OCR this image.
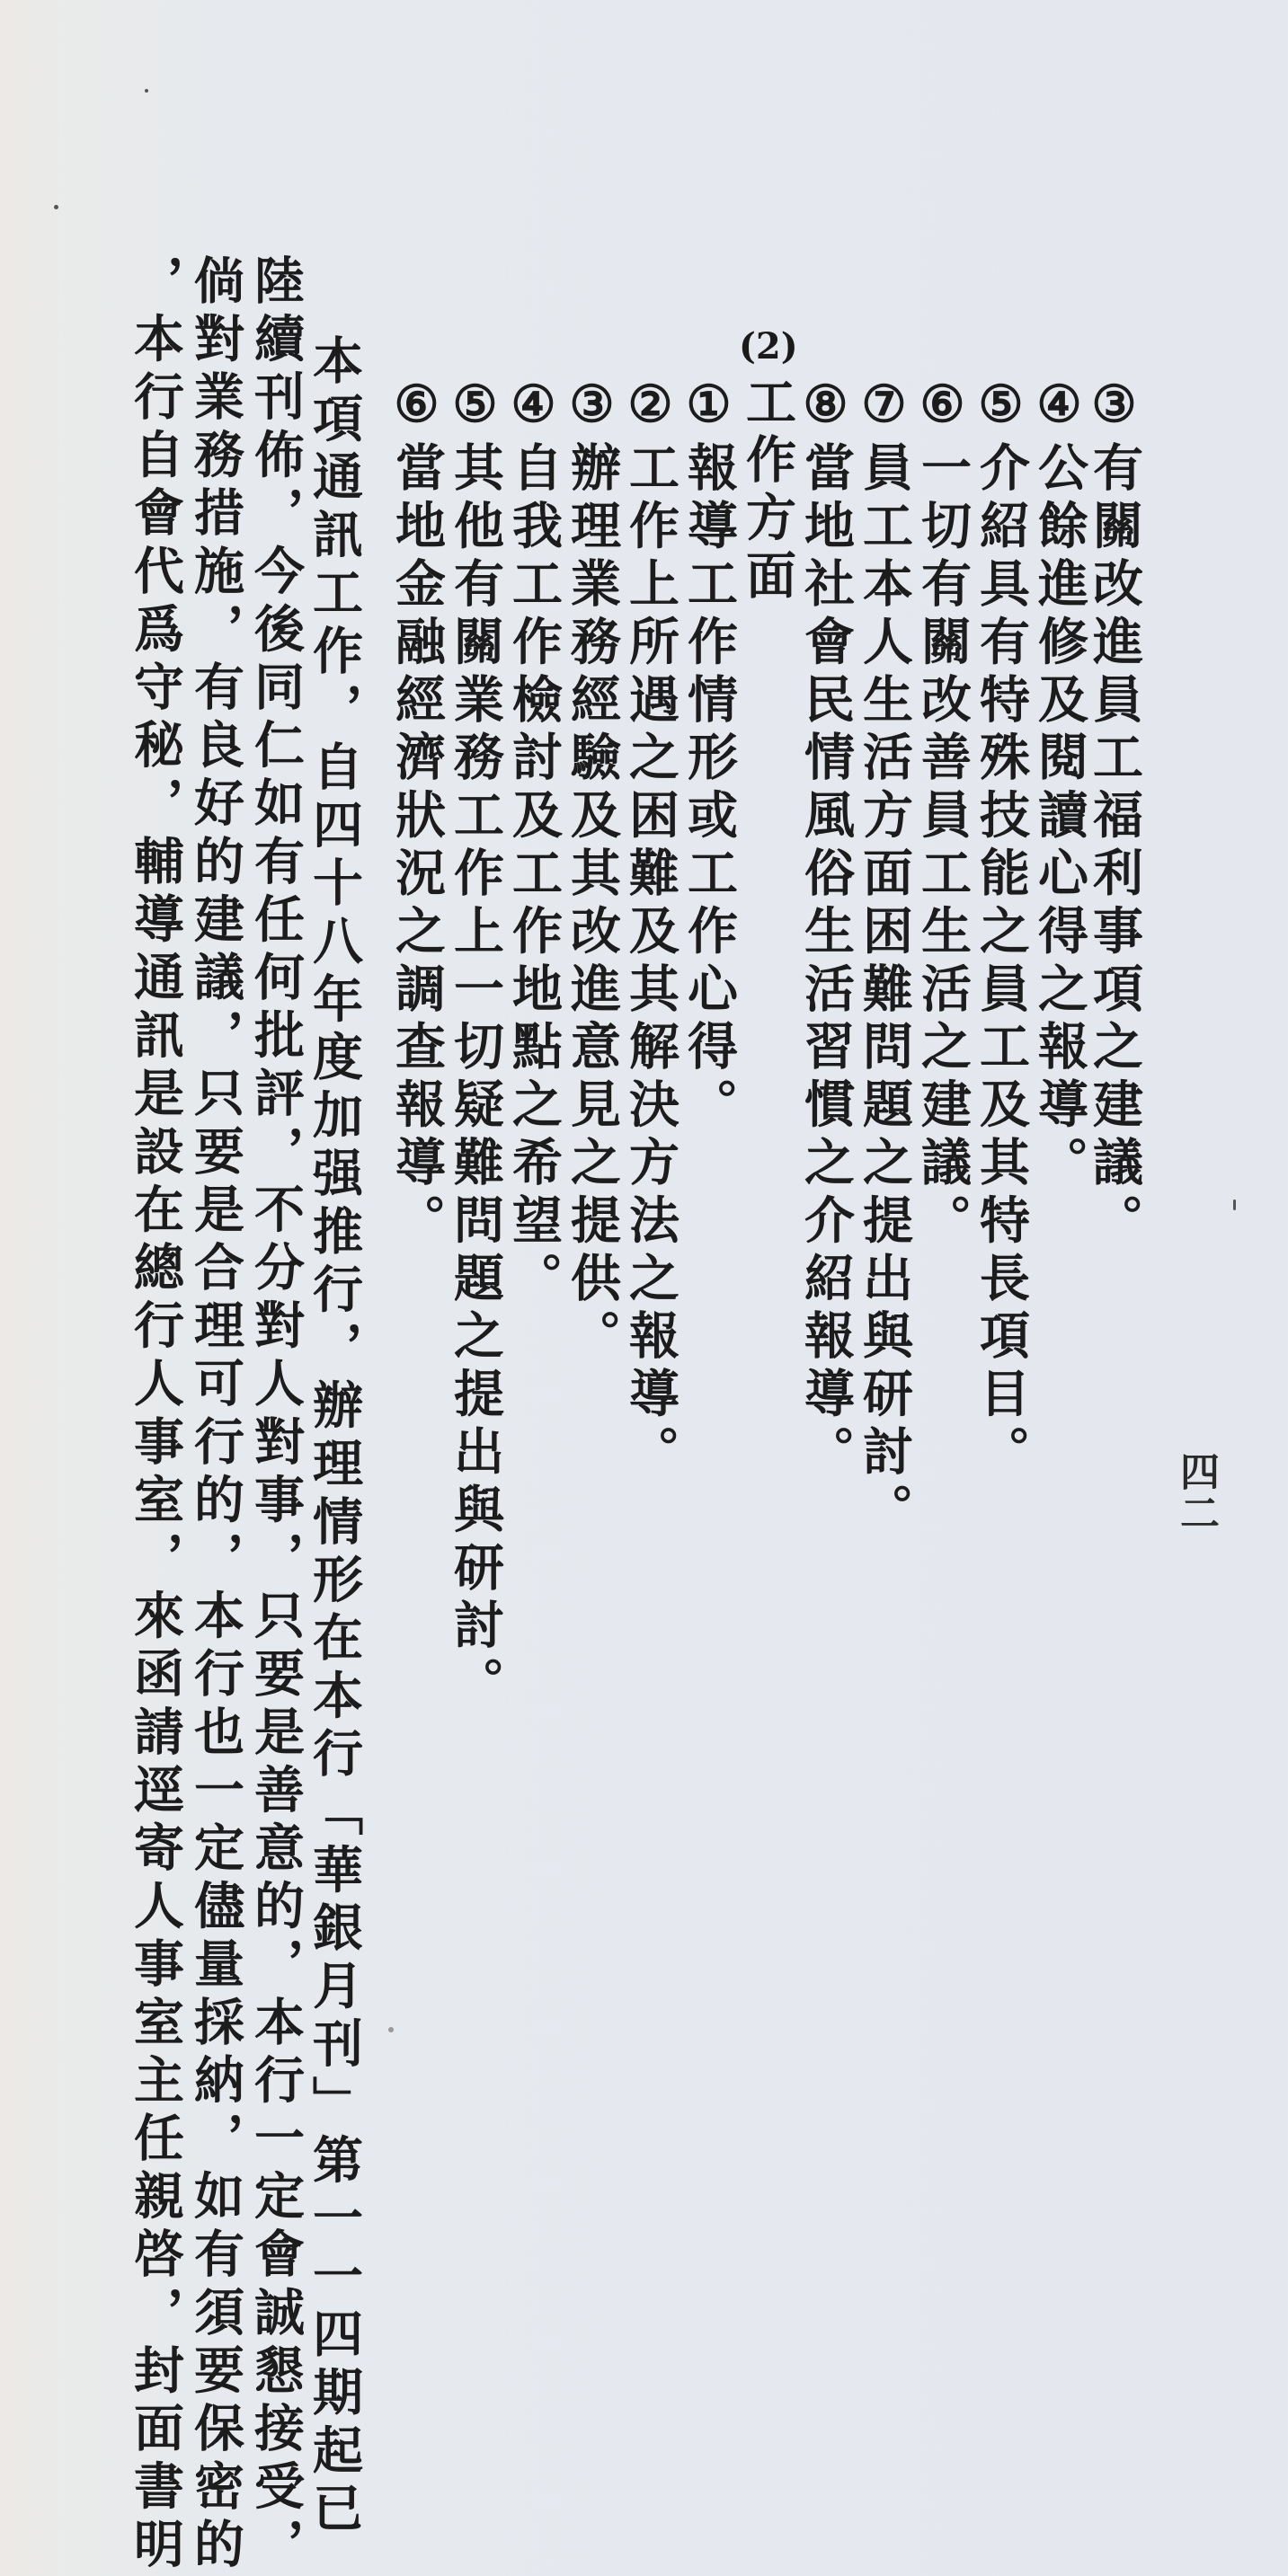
③有關改進員工福利事項之建議。
④公餘進修及閱讀心得之報導。
⑤介紹具有特殊技能之員工及其特長項目。
⑥一切有關改善員工生活之建議。
⑦員工本人生活方面困難問題之提出與研討。
⑧當地社會民情風俗生活習慣之介紹報導。
(2)
工作方面
①報導工作情形或工作心得。
②工作上所遇之困難及其解決方法之報導。
③辦理業務經驗及其改進意見之提供。
④自我工作檢討及工作地點之希望。
⑤其他有關業務工作上一切疑難問題之提出與研討。
⑥當地金融經濟狀況之調查報導。
本項通訊工作，自四十八年度加强推行，辦理情形在本行「華銀月刊」第一一四期起已
陸續刊佈，今後同仁如有任何批評，不分對人對事，只要是善意的，本行一定會誠懇接受，
倘對業務措施，有良好的建議，只要是合理可行的，本行也一定儘量採納，如有須要保密的
，本行自會代爲守秘，輔導通訊是設在總行人事室，來函請逕寄人事室主任親啓，封面書明	四二
